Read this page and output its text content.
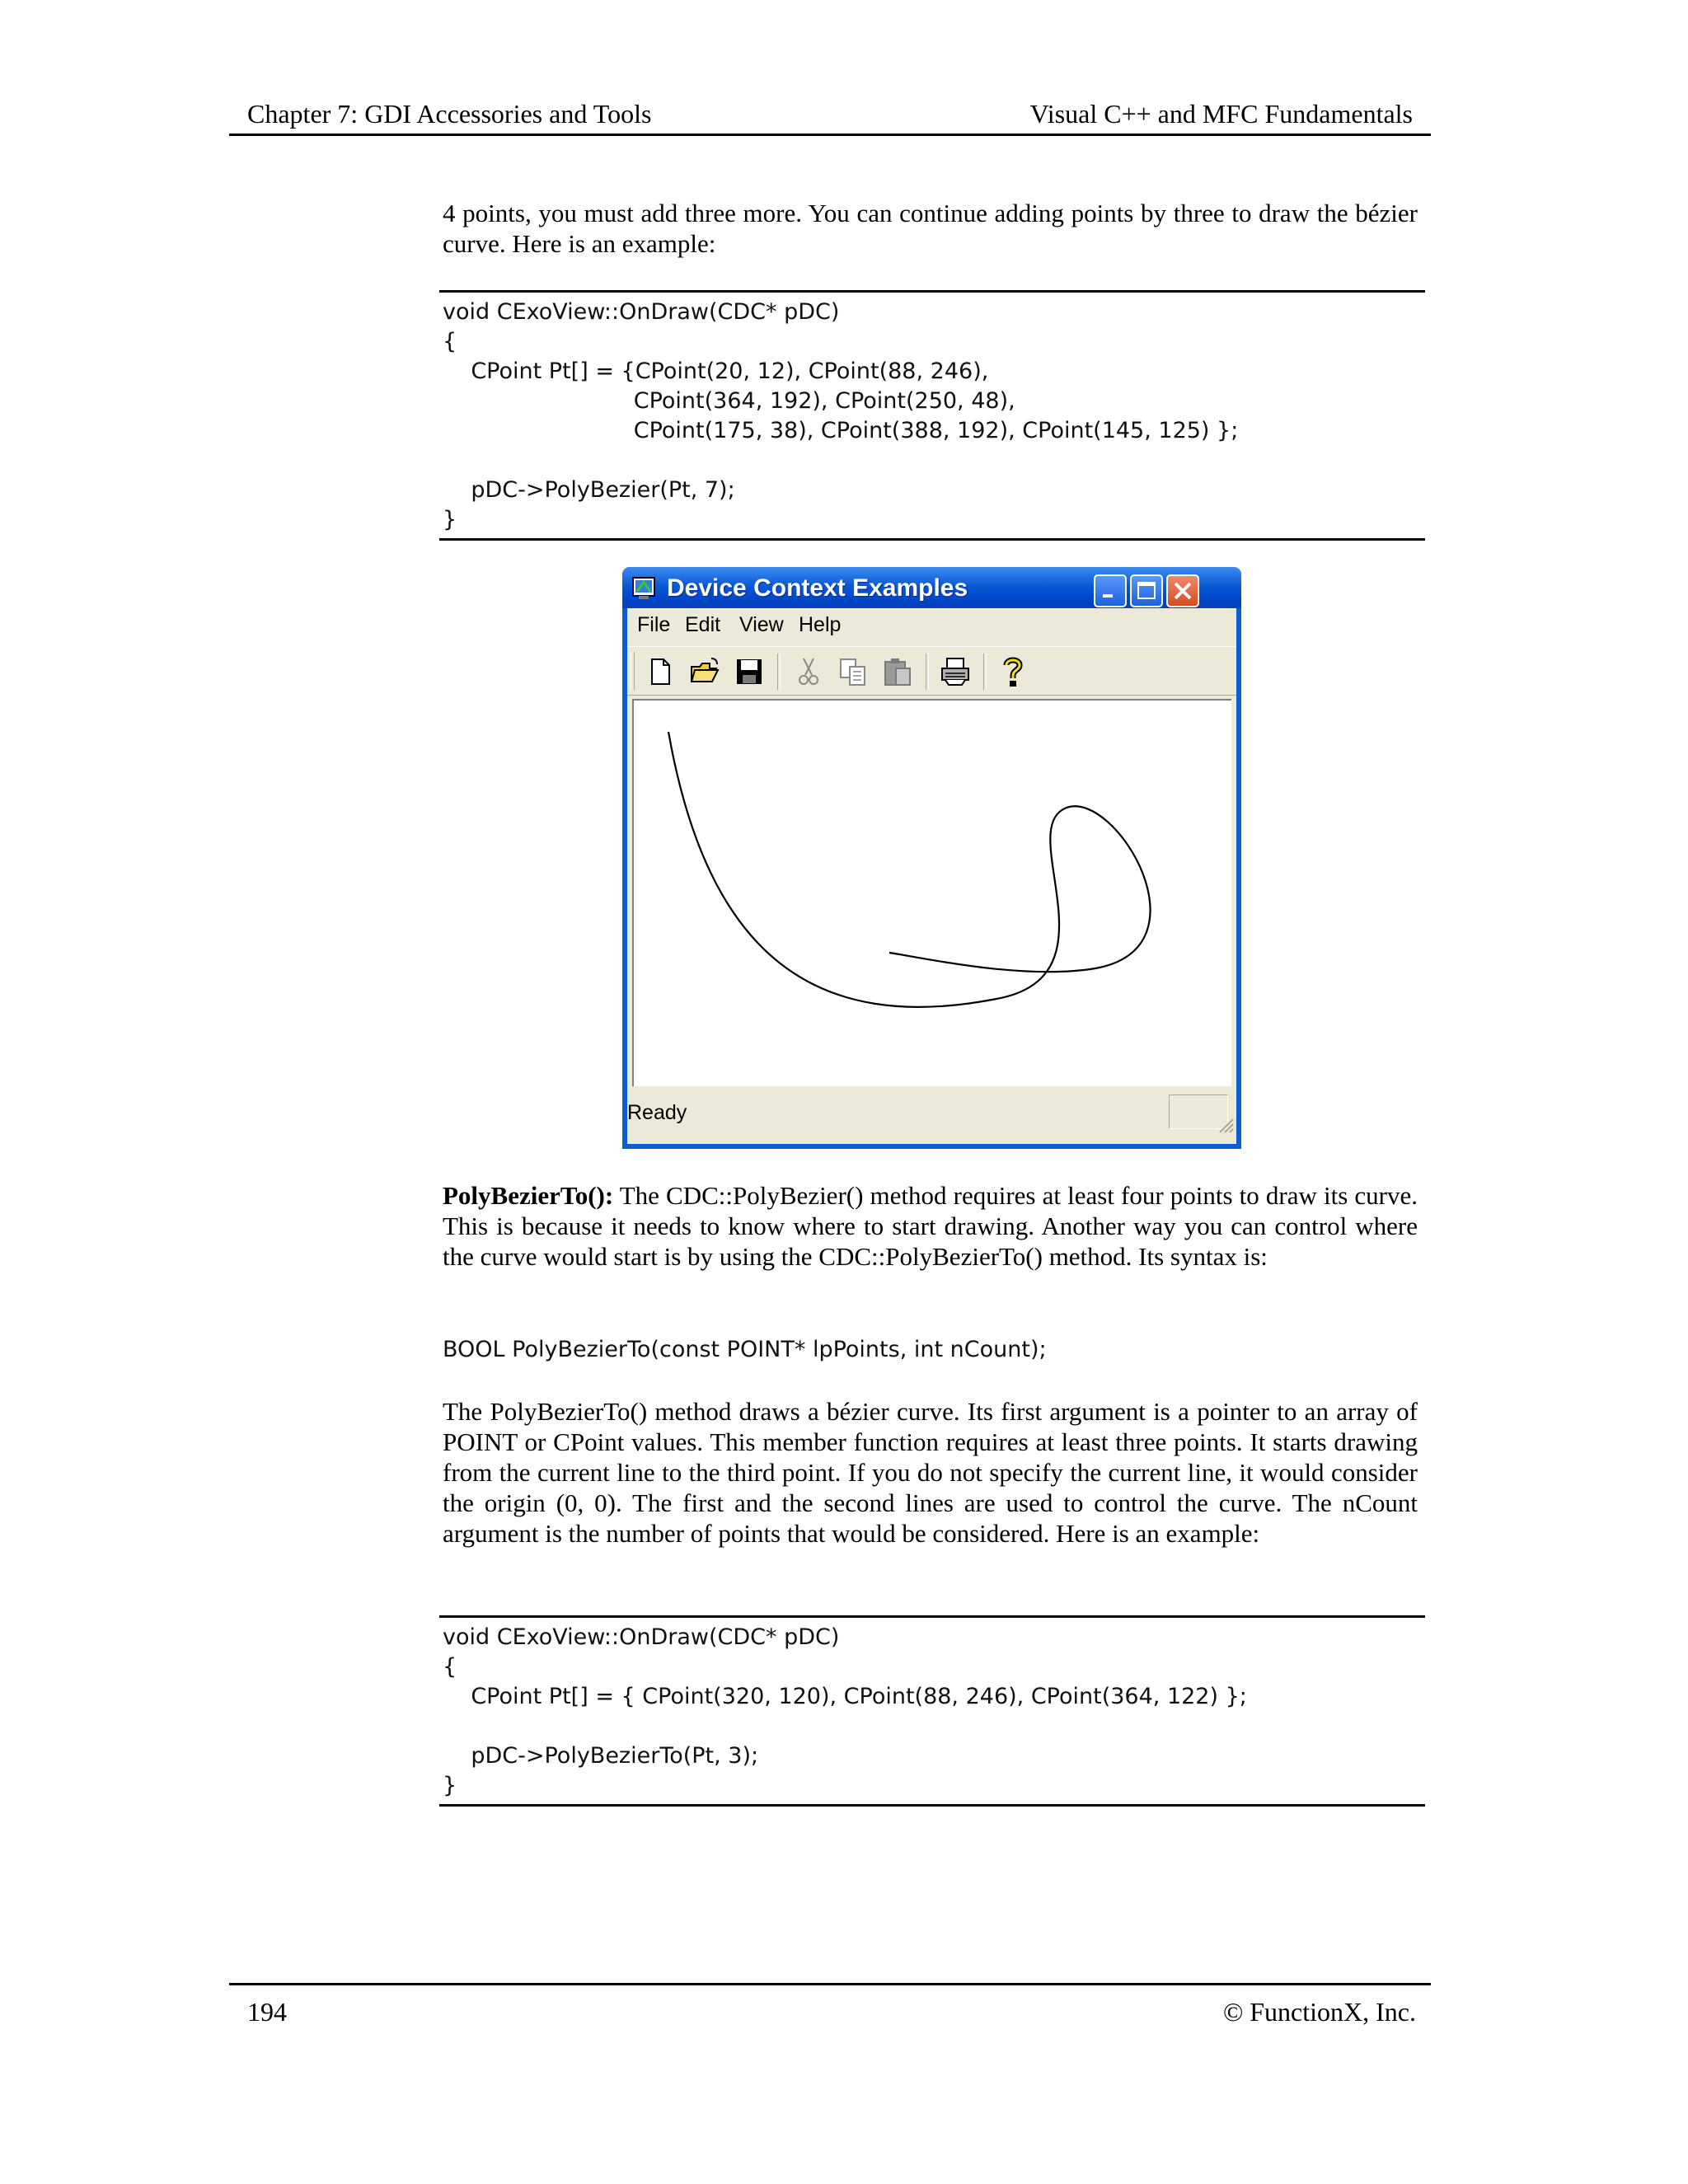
Chapter 7: GDI Accessories and Tools	Visual C++ and MFC Fundamentals
4 points, you must add three more. You can continue adding points by three to draw the bézier curve. Here is an example:
void CExoView::OnDraw(CDC* pDC)
{
CPoint Pt[] = {CPoint(20, 12), CPoint(88, 246),
CPoint(364, 192), CPoint(250, 48),
CPoint(175, 38), CPoint(388, 192), CPoint(145, 125) };
pDC->PolyBezier(Pt, 7);
}
Device Context Examples
File Edit View Help
Ready
PolyBezierTo(): The CDC::PolyBezier() method requires at least four points to draw its curve. This is because it needs to know where to start drawing. Another way you can control where the curve would start is by using the CDC::PolyBezierTo() method. Its syntax is:
BOOL PolyBezierTo(const POINT* lpPoints, int nCount);
The PolyBezierTo() method draws a bézier curve. Its first argument is a pointer to an array of POINT or CPoint values. This member function requires at least three points. It starts drawing from the current line to the third point. If you do not specify the current line, it would consider the origin (0, 0). The first and the second lines are used to control the curve. The nCount argument is the number of points that would be considered. Here is an example:
void CExoView::OnDraw(CDC* pDC)
{
CPoint Pt[] = { CPoint(320, 120), CPoint(88, 246), CPoint(364, 122) };
pDC->PolyBezierTo(Pt, 3);
}
194	© FunctionX, Inc.
